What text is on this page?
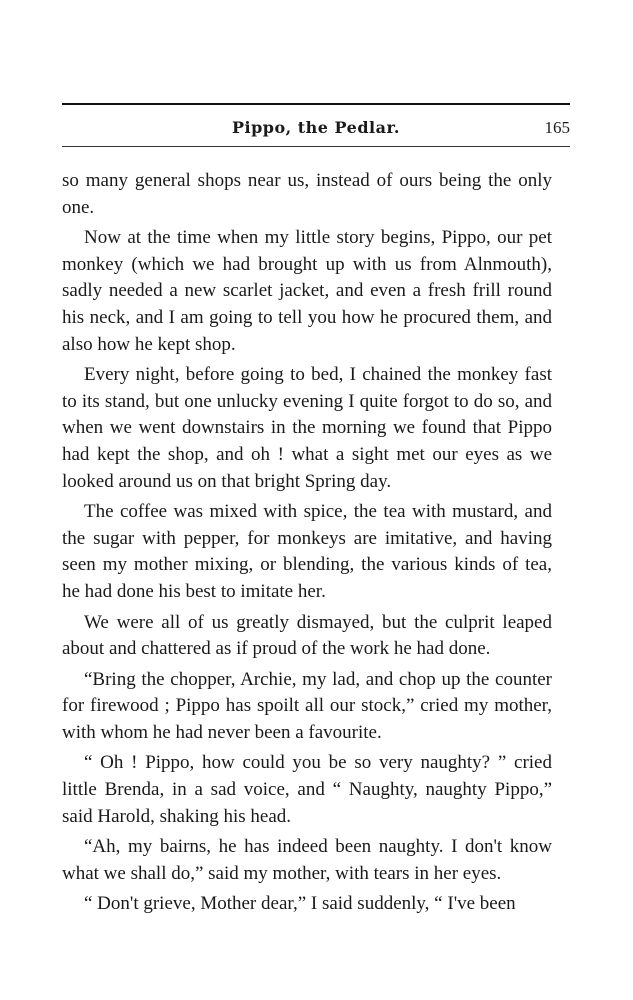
Pippo, the Pedlar.	165

so many general shops near us, instead of ours being the only one.

Now at the time when my little story begins, Pippo, our pet monkey (which we had brought up with us from Alnmouth), sadly needed a new scarlet jacket, and even a fresh frill round his neck, and I am going to tell you how he procured them, and also how he kept shop.

Every night, before going to bed, I chained the monkey fast to its stand, but one unlucky evening I quite forgot to do so, and when we went downstairs in the morning we found that Pippo had kept the shop, and oh ! what a sight met our eyes as we looked around us on that bright Spring day.

The coffee was mixed with spice, the tea with mustard, and the sugar with pepper, for monkeys are imitative, and having seen my mother mixing, or blending, the various kinds of tea, he had done his best to imitate her.

We were all of us greatly dismayed, but the culprit leaped about and chattered as if proud of the work he had done.

“Bring the chopper, Archie, my lad, and chop up the counter for firewood ; Pippo has spoilt all our stock,” cried my mother, with whom he had never been a favourite.

“ Oh ! Pippo, how could you be so very naughty? ” cried little Brenda, in a sad voice, and “ Naughty, naughty Pippo,” said Harold, shaking his head.

“Ah, my bairns, he has indeed been naughty. I don't know what we shall do,” said my mother, with tears in her eyes.

“ Don't grieve, Mother dear,” I said suddenly, “ I've been
